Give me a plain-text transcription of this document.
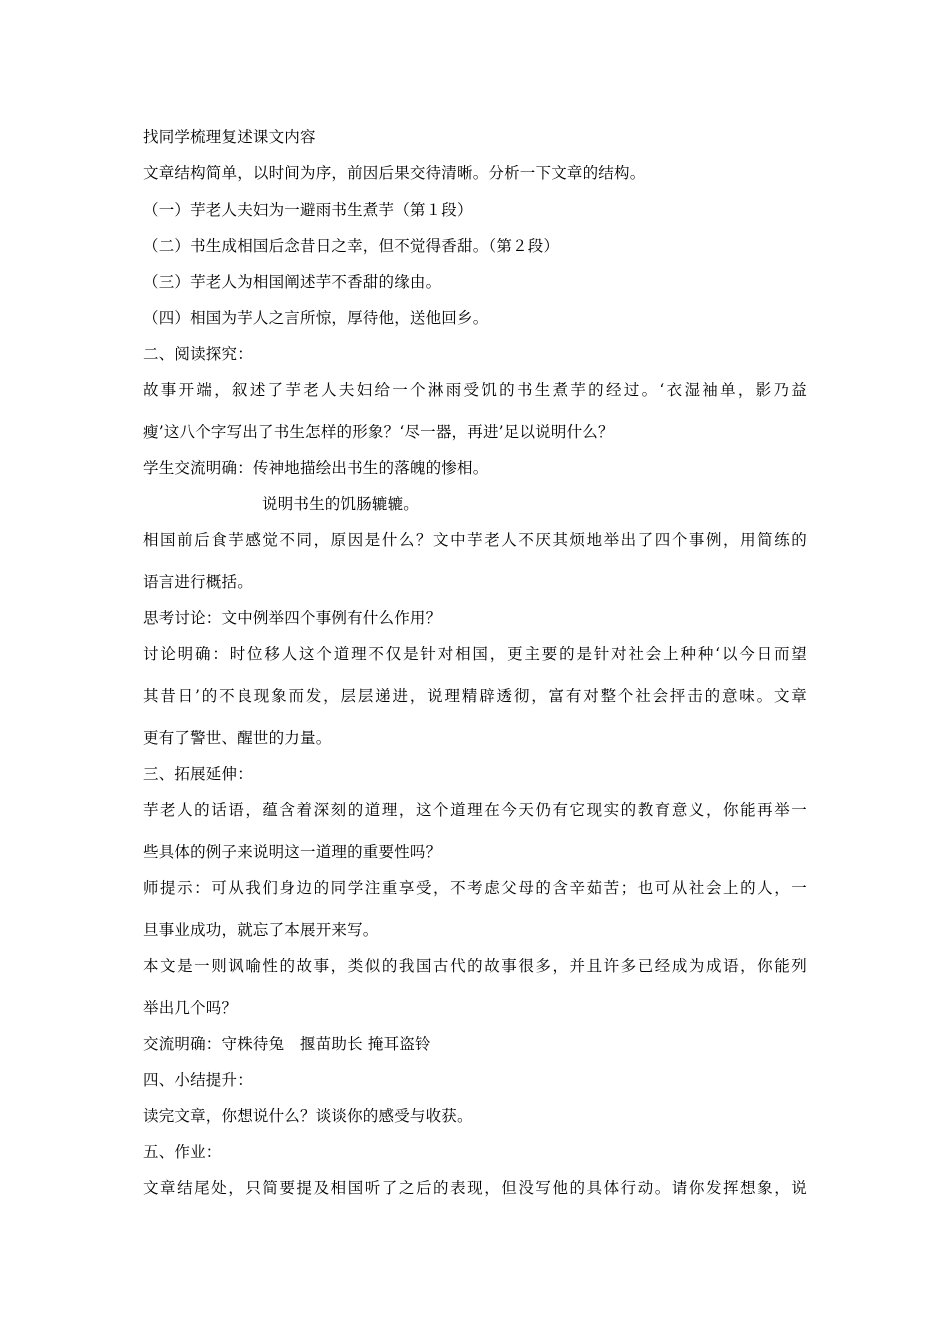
找同学梳理复述课文内容
文章结构简单，以时间为序，前因后果交待清晰。分析一下文章的结构。
（一）芋老人夫妇为一避雨书生煮芋（第１段）
（二）书生成相国后念昔日之幸，但不觉得香甜。（第２段）
（三）芋老人为相国阐述芋不香甜的缘由。
（四）相国为芋人之言所惊，厚待他，送他回乡。
二、阅读探究：
故事开端，叙述了芋老人夫妇给一个淋雨受饥的书生煮芋的经过。‘衣湿袖单，影乃益
瘦’这八个字写出了书生怎样的形象？‘尽一器，再进’足以说明什么？
学生交流明确：传神地描绘出书生的落魄的惨相。
说明书生的饥肠辘辘。
相国前后食芋感觉不同，原因是什么？文中芋老人不厌其烦地举出了四个事例，用简练的
语言进行概括。
思考讨论：文中例举四个事例有什么作用？
讨论明确：时位移人这个道理不仅是针对相国，更主要的是针对社会上种种‘以今日而望
其昔日’的不良现象而发，层层递进，说理精辟透彻，富有对整个社会抨击的意味。文章
更有了警世、醒世的力量。
三、拓展延伸：
芋老人的话语，蕴含着深刻的道理，这个道理在今天仍有它现实的教育意义，你能再举一
些具体的例子来说明这一道理的重要性吗？
师提示：可从我们身边的同学注重享受，不考虑父母的含辛茹苦；也可从社会上的人，一
旦事业成功，就忘了本展开来写。
本文是一则讽喻性的故事，类似的我国古代的故事很多，并且许多已经成为成语，你能列
举出几个吗？
交流明确：守株待兔　揠苗助长 掩耳盗铃
四、小结提升：
读完文章，你想说什么？谈谈你的感受与收获。
五、作业：
文章结尾处，只简要提及相国听了之后的表现，但没写他的具体行动。请你发挥想象，说
